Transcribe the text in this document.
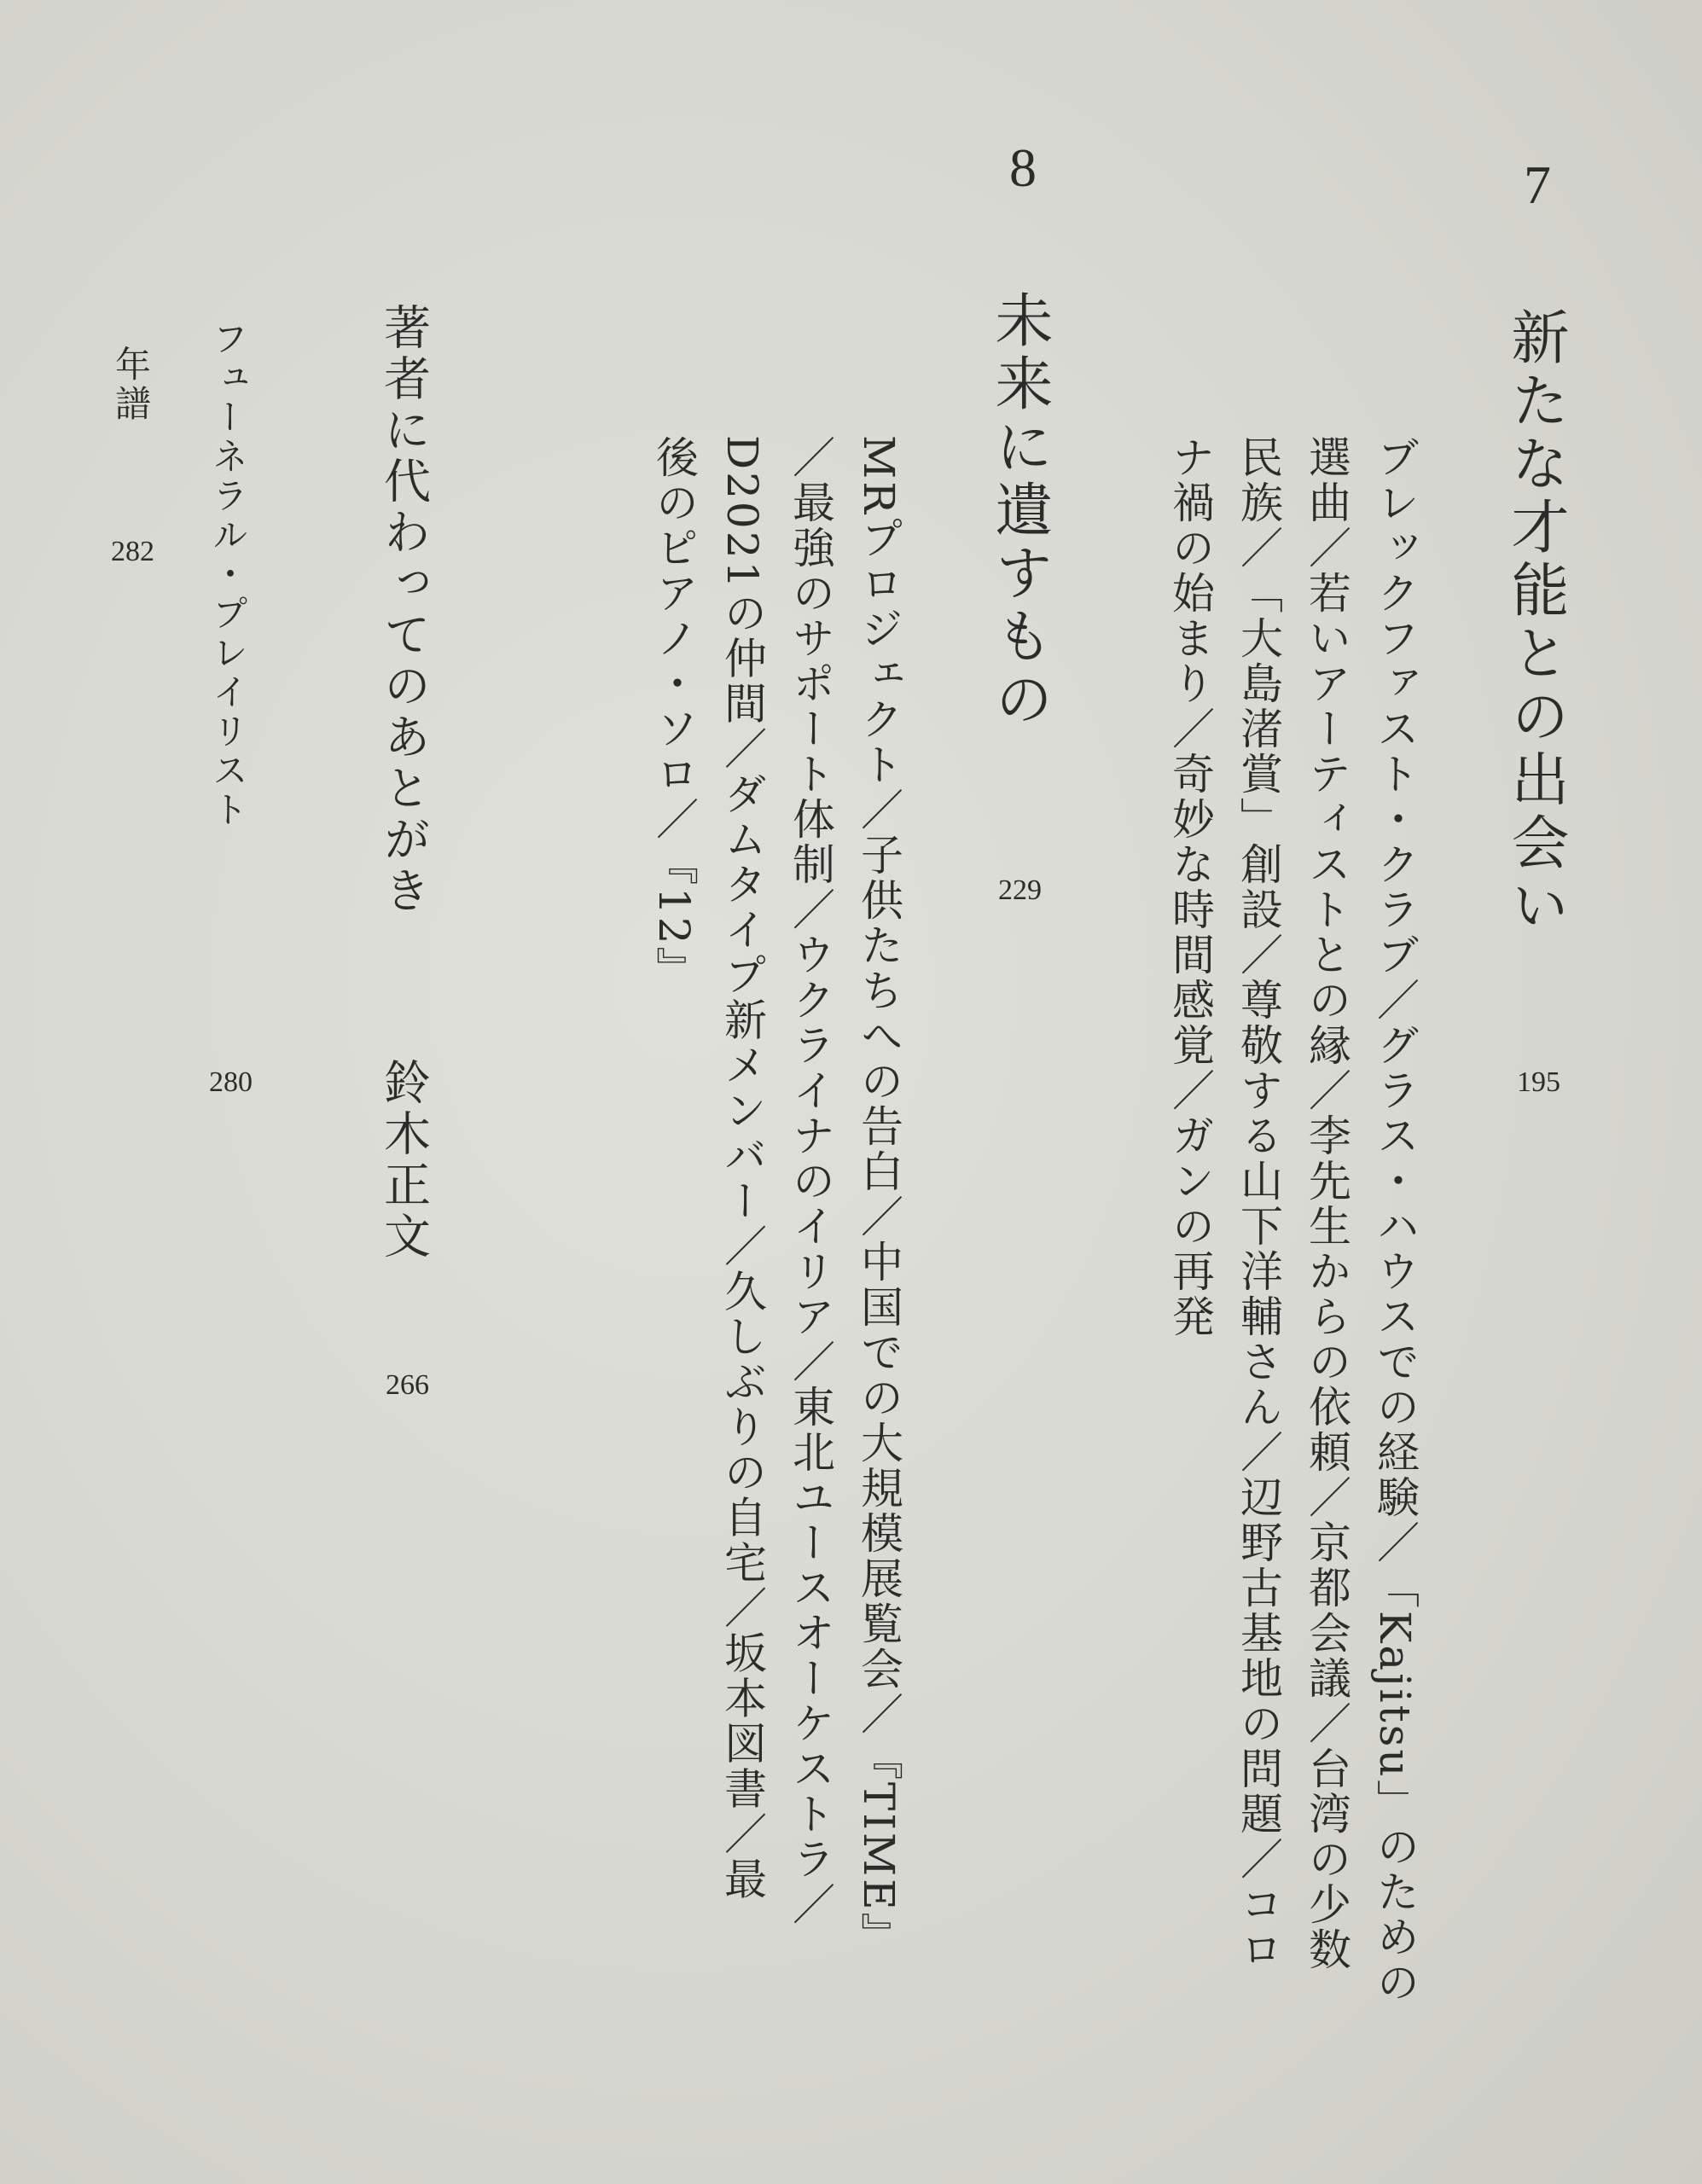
7
新たな才能との出会い
195
ブレックファスト・クラブ／グラス・ハウスでの経験／「Kajitsu」のための
選曲／若いアーティストとの縁／李先生からの依頼／京都会議／台湾の少数
民族／「大島渚賞」創設／尊敬する山下洋輔さん／辺野古基地の問題／コロ
ナ禍の始まり／奇妙な時間感覚／ガンの再発
8
未来に遺すもの
229
MRプロジェクト／子供たちへの告白／中国での大規模展覧会／『TIME』
／最強のサポート体制／ウクライナのイリア／東北ユースオーケストラ／
D2021の仲間／ダムタイプ新メンバー／久しぶりの自宅／坂本図書／最
後のピアノ・ソロ／『12』
著者に代わってのあとがき
鈴木正文
266
フューネラル・プレイリスト
280
年譜
282
